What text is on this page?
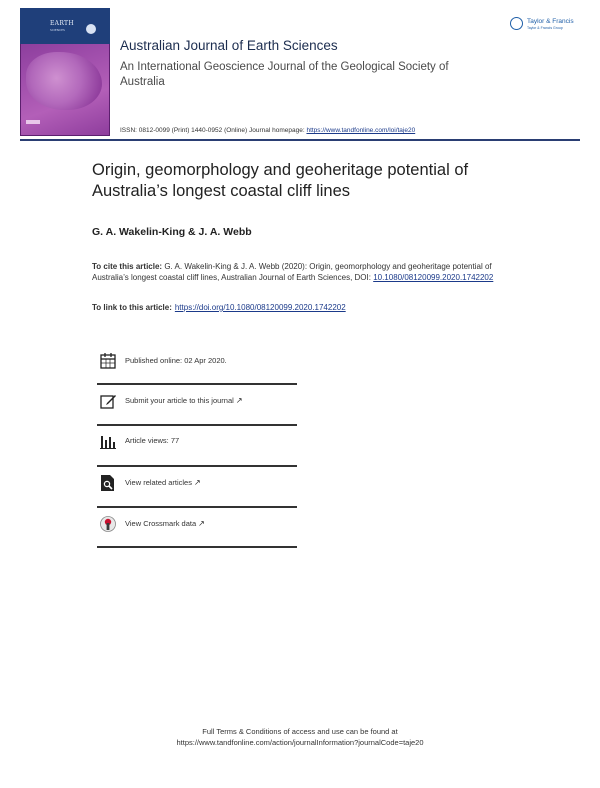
EARTH
SCIENCES
Australian Journal of Earth Sciences
An International Geoscience Journal of the Geological Society of Australia
ISSN: 0812-0099 (Print) 1440-0952 (Online) Journal homepage: https://www.tandfonline.com/loi/taje20
Taylor & Francis
Taylor & Francis Group
Origin, geomorphology and geoheritage potential of Australia’s longest coastal cliff lines
G. A. Wakelin-King & J. A. Webb
To cite this article: G. A. Wakelin-King & J. A. Webb (2020): Origin, geomorphology and geoheritage potential of Australia’s longest coastal cliff lines, Australian Journal of Earth Sciences, DOI: 10.1080/08120099.2020.1742202
To link to this article: https://doi.org/10.1080/08120099.2020.1742202
Published online: 02 Apr 2020.
Submit your article to this journal ↗
Article views: 77
View related articles ↗
View Crossmark data ↗
Full Terms & Conditions of access and use can be found at
https://www.tandfonline.com/action/journalInformation?journalCode=taje20
